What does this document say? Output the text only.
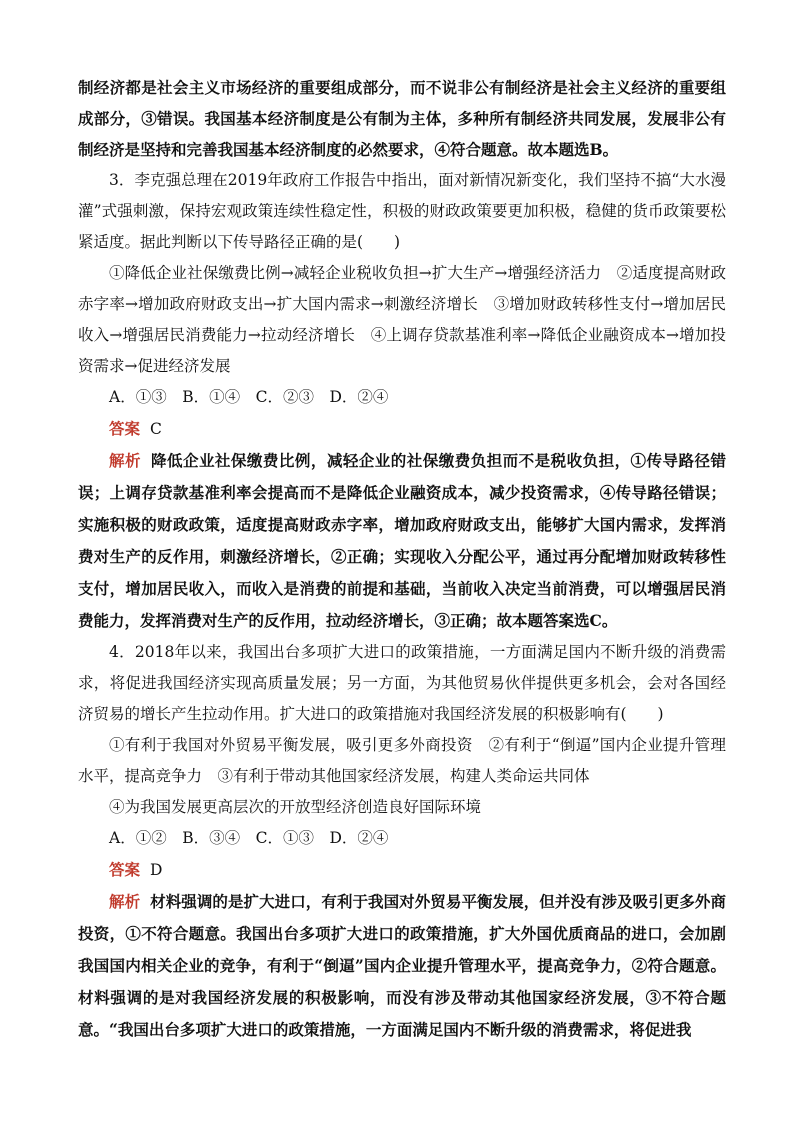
制经济都是社会主义市场经济的重要组成部分，而不说非公有制经济是社会主义经济的重要组成部分，③错误。我国基本经济制度是公有制为主体，多种所有制经济共同发展，发展非公有制经济是坚持和完善我国基本经济制度的必然要求，④符合题意。故本题选B。

3．李克强总理在2019年政府工作报告中指出，面对新情况新变化，我们坚持不搞“大水漫灌”式强刺激，保持宏观政策连续性稳定性，积极的财政政策要更加积极，稳健的货币政策要松紧适度。据此判断以下传导路径正确的是(　　)

①降低企业社保缴费比例→减轻企业税收负担→扩大生产→增强经济活力　②适度提高财政赤字率→增加政府财政支出→扩大国内需求→刺激经济增长　③增加财政转移性支付→增加居民收入→增强居民消费能力→拉动经济增长　④上调存贷款基准利率→降低企业融资成本→增加投资需求→促进经济发展

A．①③　B．①④　C．②③　D．②④

答案 C

解析 降低企业社保缴费比例，减轻企业的社保缴费负担而不是税收负担，①传导路径错误；上调存贷款基准利率会提高而不是降低企业融资成本，减少投资需求，④传导路径错误；实施积极的财政政策，适度提高财政赤字率，增加政府财政支出，能够扩大国内需求，发挥消费对生产的反作用，刺激经济增长，②正确；实现收入分配公平，通过再分配增加财政转移性支付，增加居民收入，而收入是消费的前提和基础，当前收入决定当前消费，可以增强居民消费能力，发挥消费对生产的反作用，拉动经济增长，③正确；故本题答案选C。

4．2018年以来，我国出台多项扩大进口的政策措施，一方面满足国内不断升级的消费需求，将促进我国经济实现高质量发展；另一方面，为其他贸易伙伴提供更多机会，会对各国经济贸易的增长产生拉动作用。扩大进口的政策措施对我国经济发展的积极影响有(　　)

①有利于我国对外贸易平衡发展，吸引更多外商投资　②有利于“倒逼”国内企业提升管理水平，提高竞争力　③有利于带动其他国家经济发展，构建人类命运共同体

④为我国发展更高层次的开放型经济创造良好国际环境

A．①②　B．③④　C．①③　D．②④

答案 D

解析 材料强调的是扩大进口，有利于我国对外贸易平衡发展，但并没有涉及吸引更多外商投资，①不符合题意。我国出台多项扩大进口的政策措施，扩大外国优质商品的进口，会加剧我国国内相关企业的竞争，有利于“倒逼”国内企业提升管理水平，提高竞争力，②符合题意。材料强调的是对我国经济发展的积极影响，而没有涉及带动其他国家经济发展，③不符合题意。“我国出台多项扩大进口的政策措施，一方面满足国内不断升级的消费需求，将促进我
